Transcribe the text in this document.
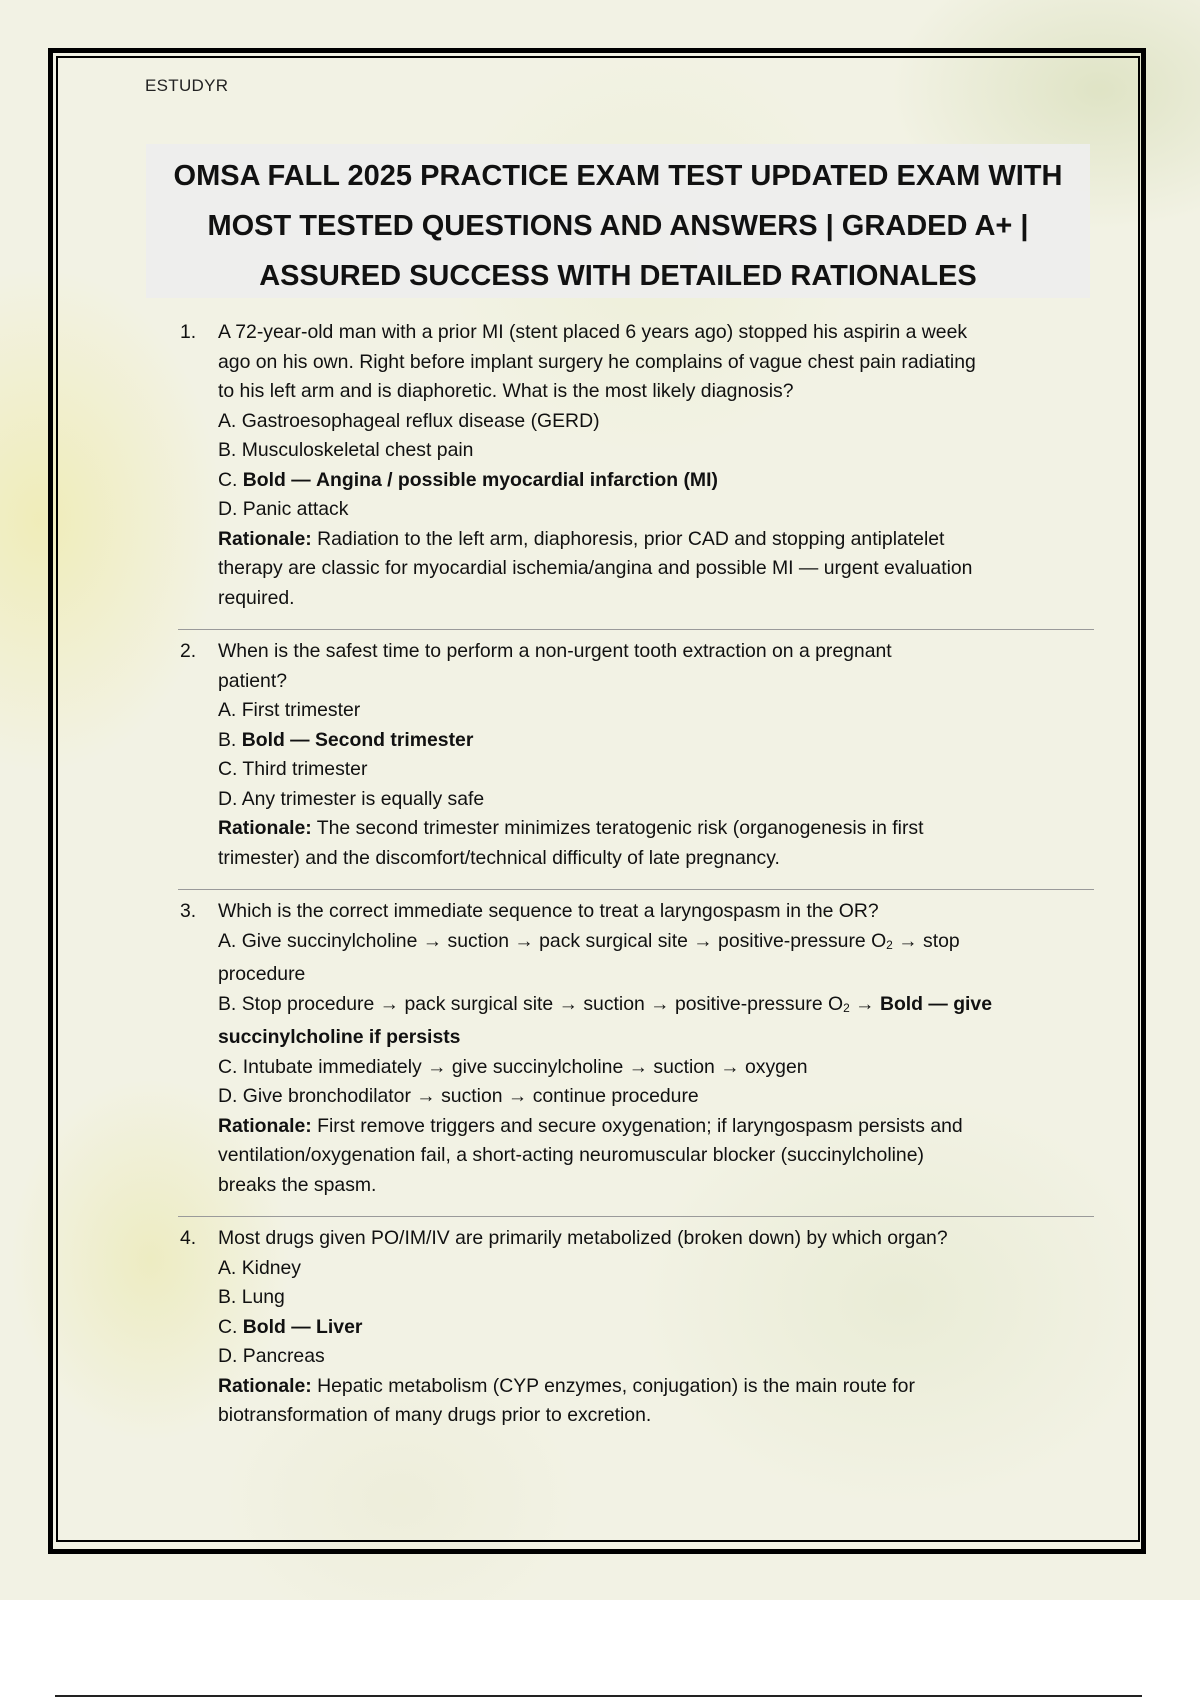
ESTUDYR
OMSA FALL 2025 PRACTICE EXAM TEST UPDATED EXAM WITH
MOST TESTED QUESTIONS AND ANSWERS | GRADED A+ |
ASSURED SUCCESS WITH DETAILED RATIONALES
1.	A 72-year-old man with a prior MI (stent placed 6 years ago) stopped his aspirin a week
ago on his own. Right before implant surgery he complains of vague chest pain radiating
to his left arm and is diaphoretic. What is the most likely diagnosis?
A. Gastroesophageal reflux disease (GERD)
B. Musculoskeletal chest pain
C. Bold — Angina / possible myocardial infarction (MI)
D. Panic attack
Rationale: Radiation to the left arm, diaphoresis, prior CAD and stopping antiplatelet
therapy are classic for myocardial ischemia/angina and possible MI — urgent evaluation
required.
2.	When is the safest time to perform a non-urgent tooth extraction on a pregnant
patient?
A. First trimester
B. Bold — Second trimester
C. Third trimester
D. Any trimester is equally safe
Rationale: The second trimester minimizes teratogenic risk (organogenesis in first
trimester) and the discomfort/technical difficulty of late pregnancy.
3.	Which is the correct immediate sequence to treat a laryngospasm in the OR?
A. Give succinylcholine → suction → pack surgical site → positive-pressure $O_2$ → stop
procedure
B. Stop procedure → pack surgical site → suction → positive-pressure $O_2$ → Bold — give
succinylcholine if persists
C. Intubate immediately → give succinylcholine → suction → oxygen
D. Give bronchodilator → suction → continue procedure
Rationale: First remove triggers and secure oxygenation; if laryngospasm persists and
ventilation/oxygenation fail, a short-acting neuromuscular blocker (succinylcholine)
breaks the spasm.
4.	Most drugs given PO/IM/IV are primarily metabolized (broken down) by which organ?
A. Kidney
B. Lung
C. Bold — Liver
D. Pancreas
Rationale: Hepatic metabolism (CYP enzymes, conjugation) is the main route for
biotransformation of many drugs prior to excretion.
